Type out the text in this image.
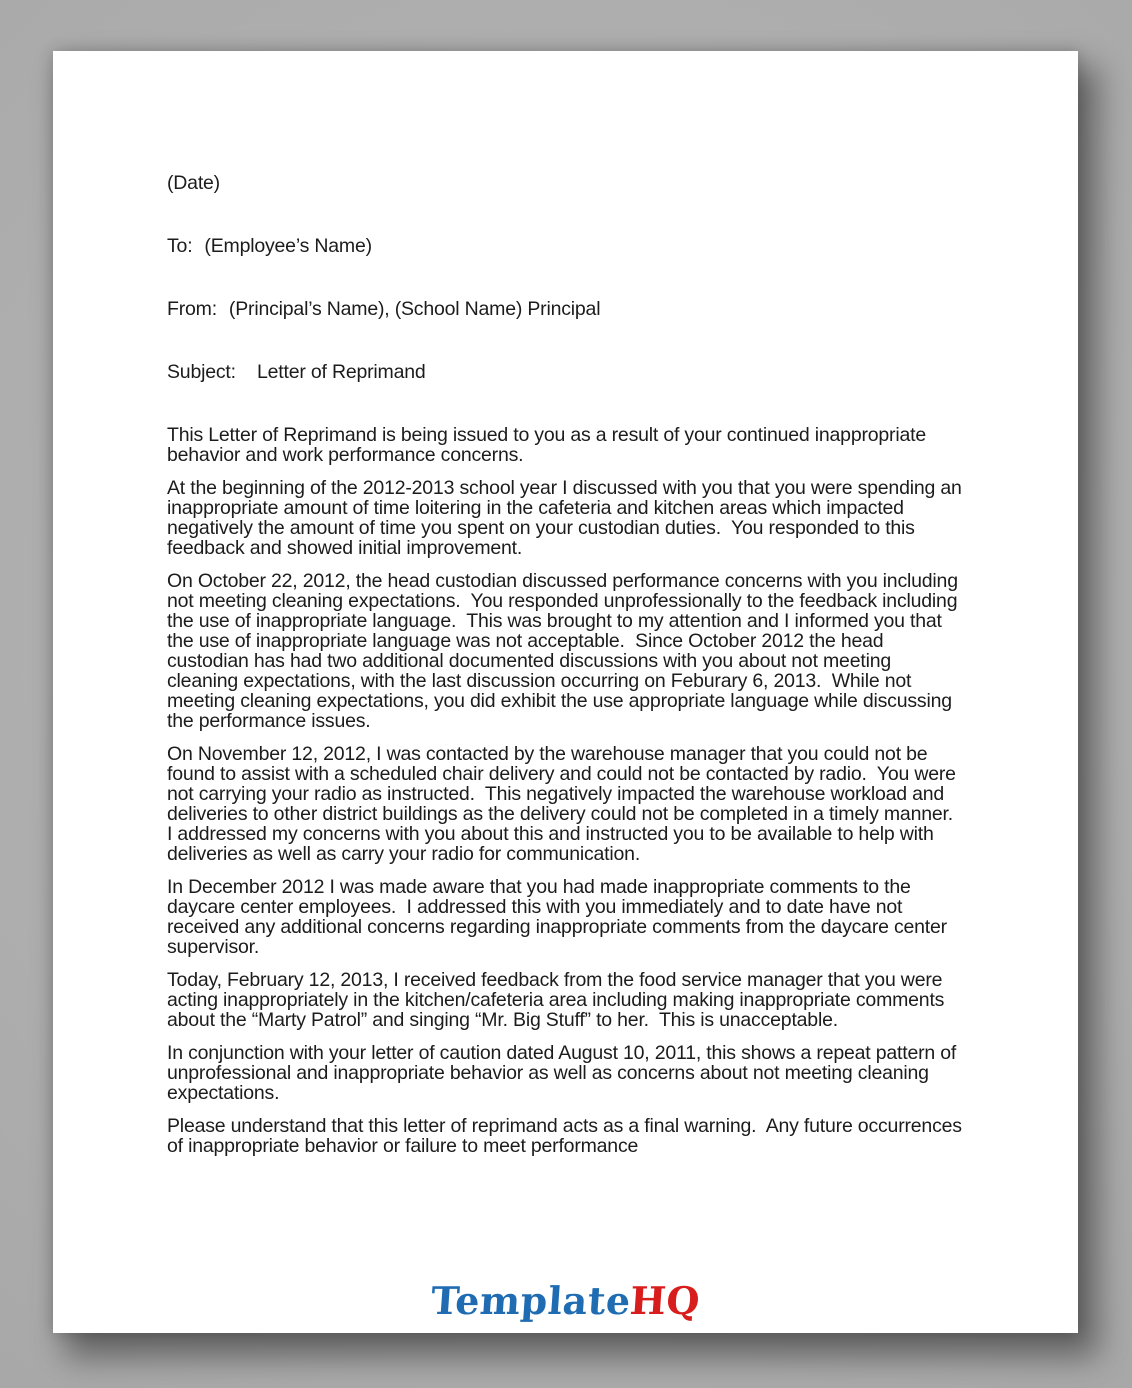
(Date)

To: (Employee’s Name)

From: (Principal’s Name), (School Name) Principal

Subject: Letter of Reprimand

This Letter of Reprimand is being issued to you as a result of your continued inappropriate behavior and work performance concerns.

At the beginning of the 2012-2013 school year I discussed with you that you were spending an inappropriate amount of time loitering in the cafeteria and kitchen areas which impacted negatively the amount of time you spent on your custodian duties.  You responded to this feedback and showed initial improvement.

On October 22, 2012, the head custodian discussed performance concerns with you including not meeting cleaning expectations.  You responded unprofessionally to the feedback including the use of inappropriate language.  This was brought to my attention and I informed you that the use of inappropriate language was not acceptable.  Since October 2012 the head custodian has had two additional documented discussions with you about not meeting cleaning expectations, with the last discussion occurring on Feburary 6, 2013.  While not meeting cleaning expectations, you did exhibit the use appropriate language while discussing the performance issues.

On November 12, 2012, I was contacted by the warehouse manager that you could not be found to assist with a scheduled chair delivery and could not be contacted by radio.  You were not carrying your radio as instructed.  This negatively impacted the warehouse workload and deliveries to other district buildings as the delivery could not be completed in a timely manner.  I addressed my concerns with you about this and instructed you to be available to help with deliveries as well as carry your radio for communication.

In December 2012 I was made aware that you had made inappropriate comments to the daycare center employees.  I addressed this with you immediately and to date have not received any additional concerns regarding inappropriate comments from the daycare center supervisor.

Today, February 12, 2013, I received feedback from the food service manager that you were acting inappropriately in the kitchen/cafeteria area including making inappropriate comments about the “Marty Patrol” and singing “Mr. Big Stuff” to her.  This is unacceptable.

In conjunction with your letter of caution dated August 10, 2011, this shows a repeat pattern of unprofessional and inappropriate behavior as well as concerns about not meeting cleaning expectations.

Please understand that this letter of reprimand acts as a final warning.  Any future occurrences of inappropriate behavior or failure to meet performance

TemplateHQ
